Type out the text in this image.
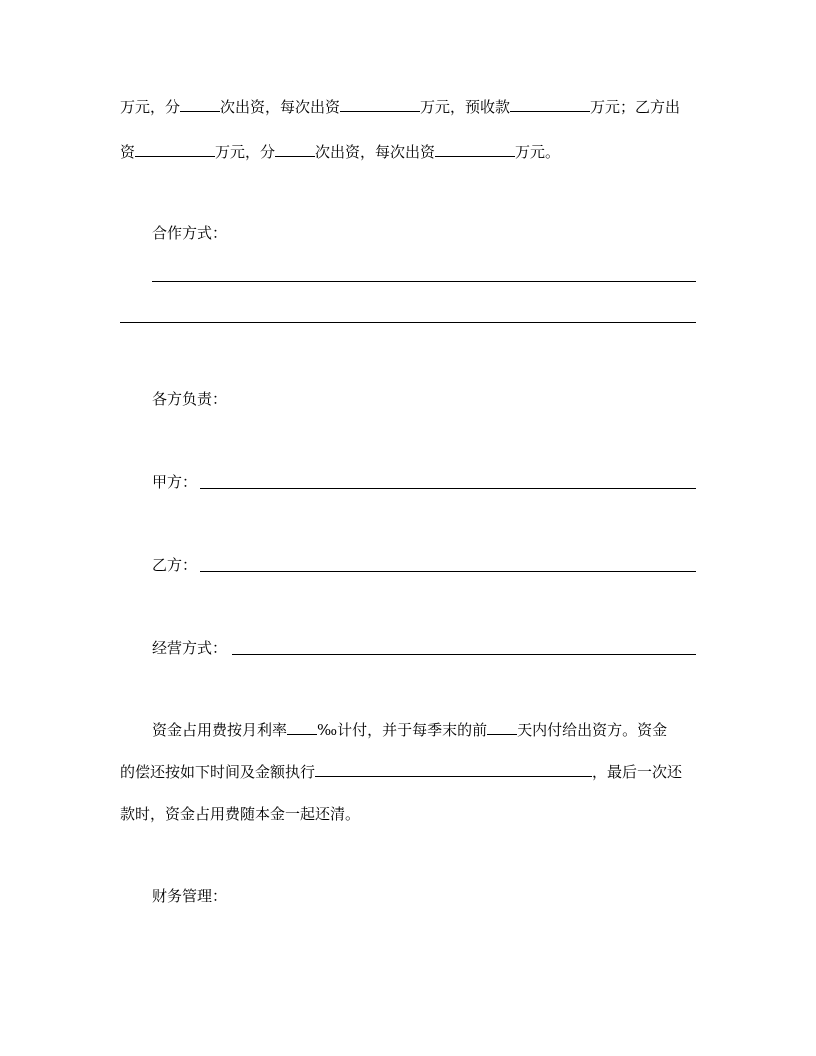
万元，分	次出资，每次出资	万元，预收款	万元；乙方出
资	万元，分	次出资，每次出资	万元。
合作方式：
各方负责：
甲方：
乙方：
经营方式：
资金占用费按月利率 ‰计付，并于每季末的前 天内付给出资方。资金
的偿还按如下时间及金额执行	，最后一次还
款时，资金占用费随本金一起还清。
财务管理：
